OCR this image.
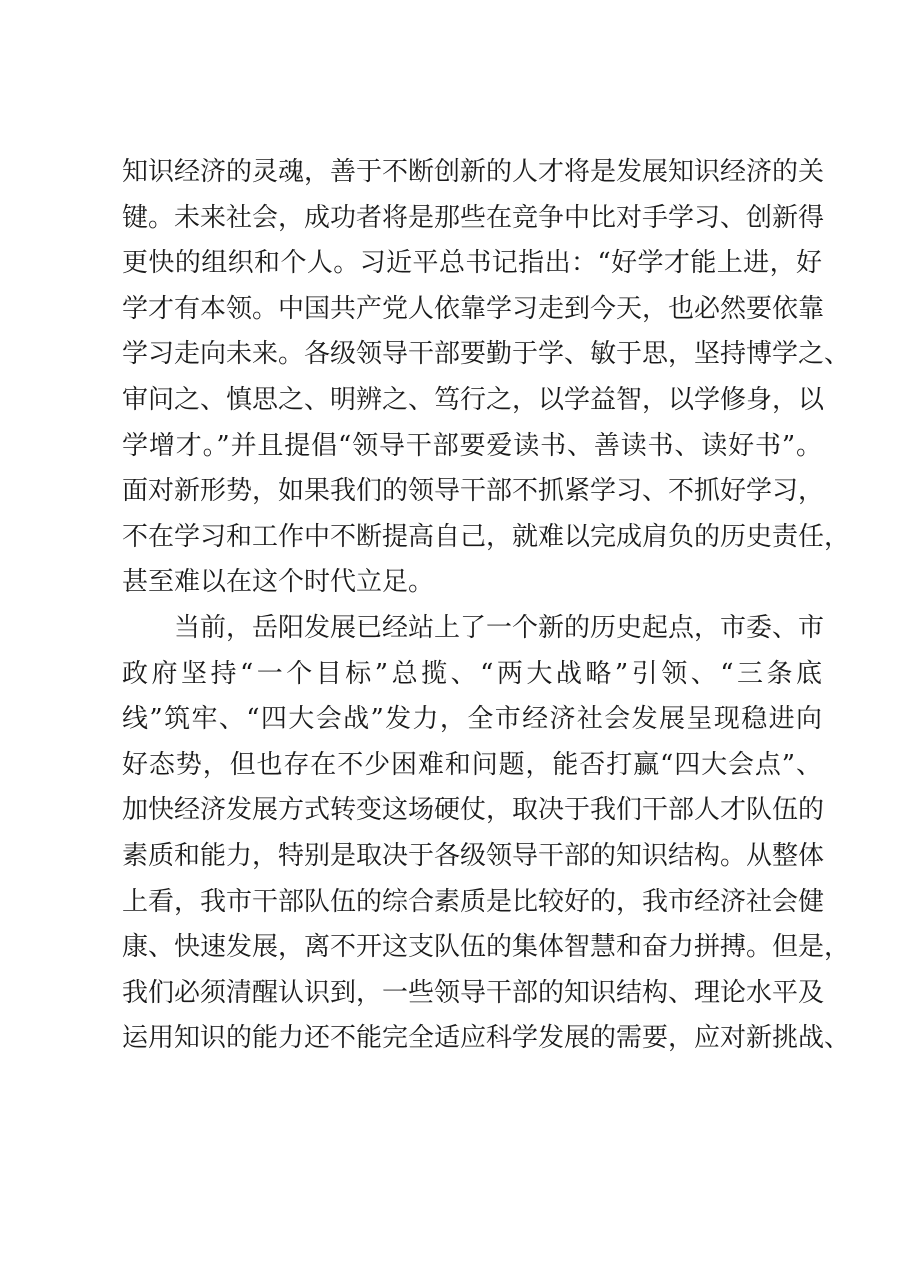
知识经济的灵魂，善于不断创新的人才将是发展知识经济的关
键。未来社会，成功者将是那些在竞争中比对手学习、创新得
更快的组织和个人。习近平总书记指出：“好学才能上进，好
学才有本领。中国共产党人依靠学习走到今天，也必然要依靠
学习走向未来。各级领导干部要勤于学、敏于思，坚持博学之、
审问之、慎思之、明辨之、笃行之，以学益智，以学修身，以
学增才。”并且提倡“领导干部要爱读书、善读书、读好书”。
面对新形势，如果我们的领导干部不抓紧学习、不抓好学习，
不在学习和工作中不断提高自己，就难以完成肩负的历史责任，
甚至难以在这个时代立足。
当前，岳阳发展已经站上了一个新的历史起点，市委、市
政府坚持“一个目标”总揽、“两大战略”引领、“三条底
线”筑牢、“四大会战”发力，全市经济社会发展呈现稳进向
好态势，但也存在不少困难和问题，能否打赢“四大会点”、
加快经济发展方式转变这场硬仗，取决于我们干部人才队伍的
素质和能力，特别是取决于各级领导干部的知识结构。从整体
上看，我市干部队伍的综合素质是比较好的，我市经济社会健
康、快速发展，离不开这支队伍的集体智慧和奋力拼搏。但是，
我们必须清醒认识到，一些领导干部的知识结构、理论水平及
运用知识的能力还不能完全适应科学发展的需要，应对新挑战、
